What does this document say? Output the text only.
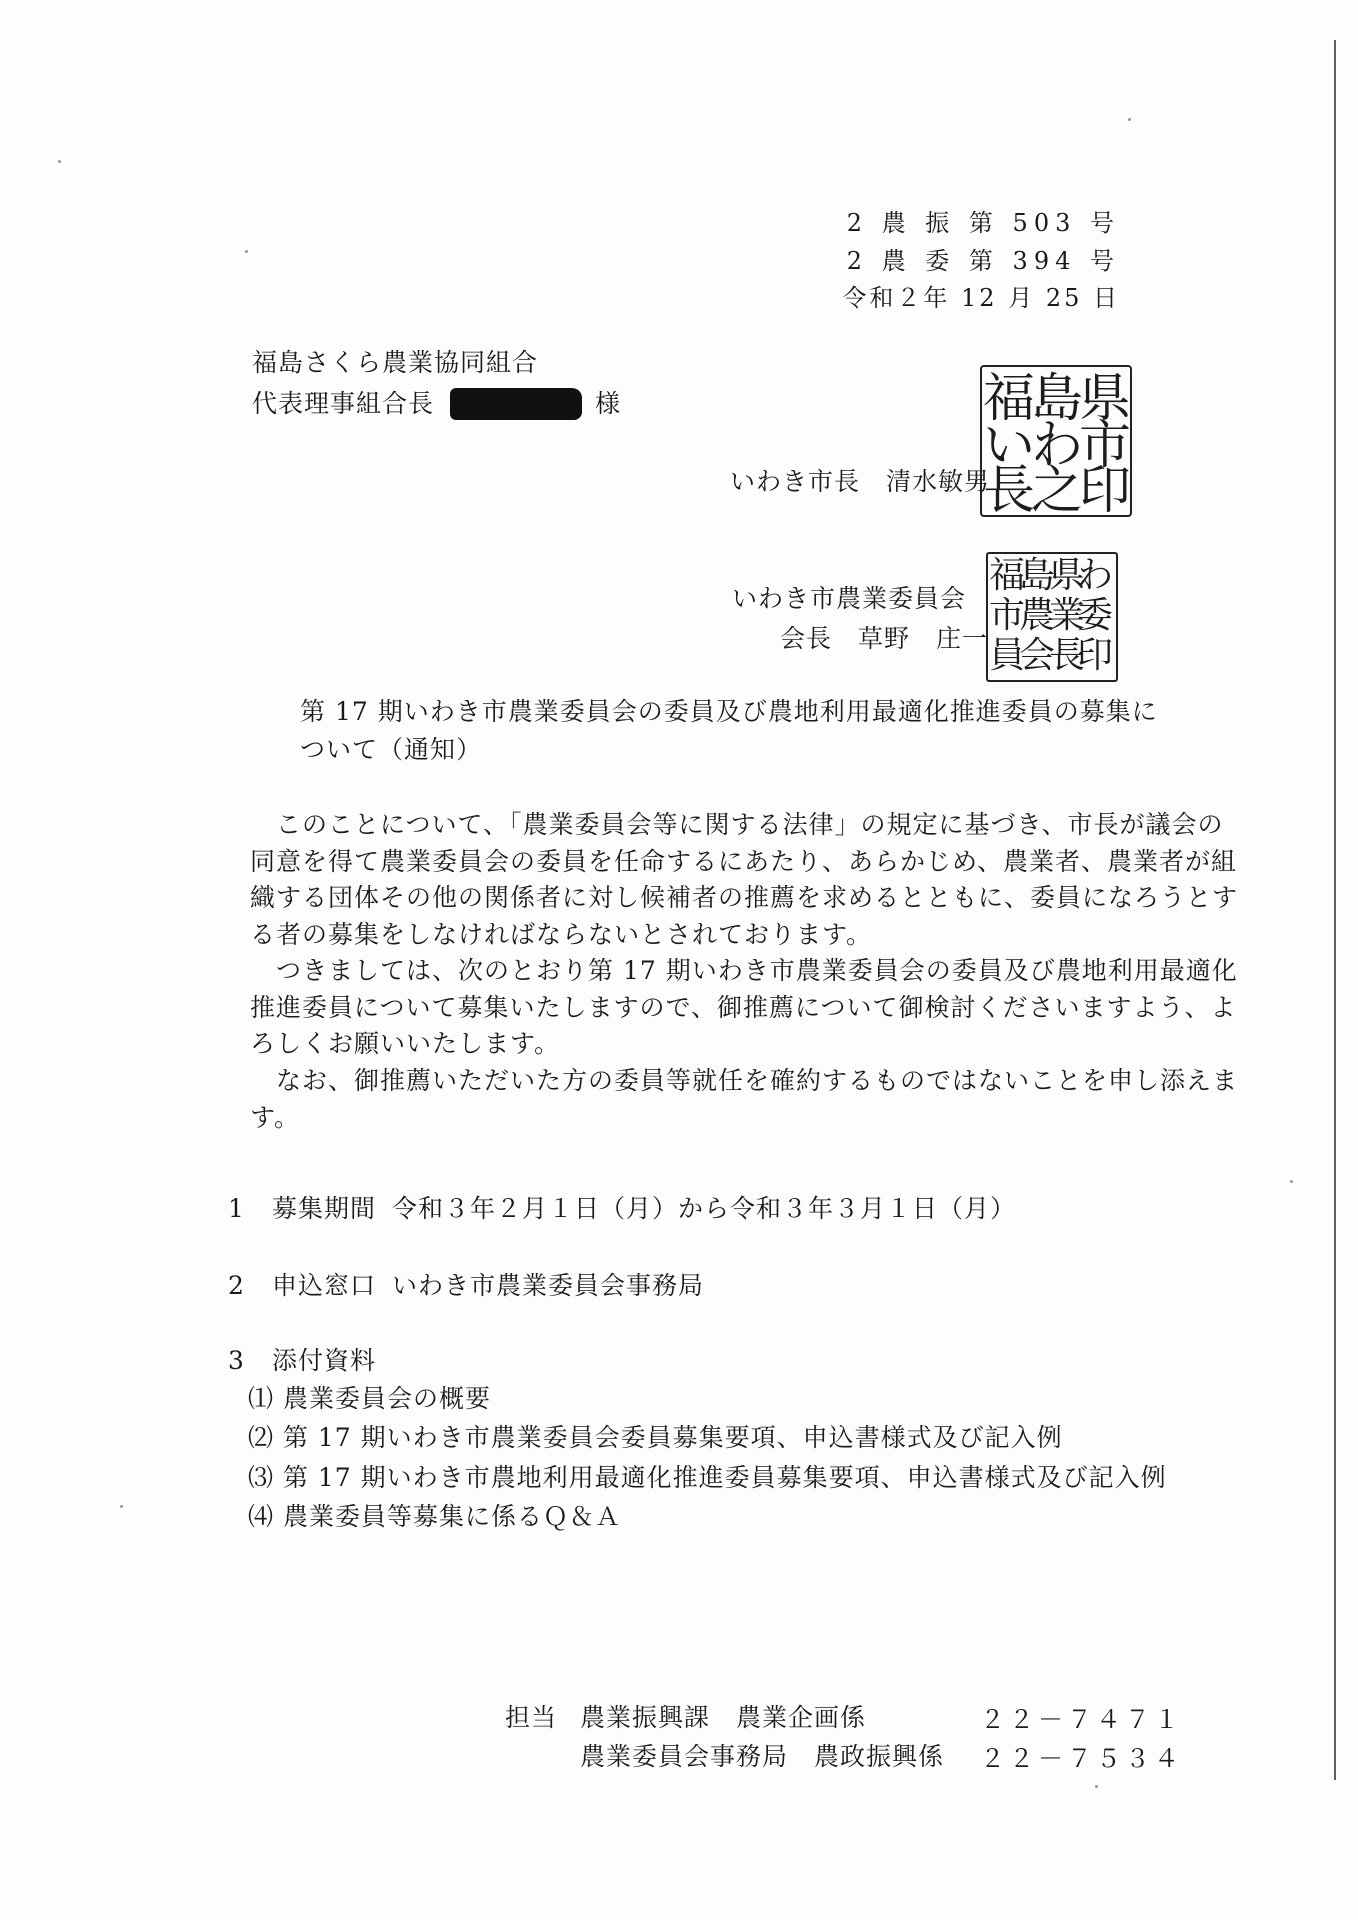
2 農 振 第 503 号
2 農 委 第 394 号
令和２年 12 月 25 日
福島さくら農業協同組合
代表理事組合長	様
いわき市長　清水敏男
県
市
印
島
わ
之
福
い
長
いわき市農業委員会
会長　草野　庄一
福
市
員
島
農
会
県
業
長
わ
委
印
第 17 期いわき市農業委員会の委員及び農地利用最適化推進委員の募集に
ついて（通知）
　このことについて、「農業委員会等に関する法律」の規定に基づき、市長が議会の
同意を得て農業委員会の委員を任命するにあたり、あらかじめ、農業者、農業者が組
織する団体その他の関係者に対し候補者の推薦を求めるとともに、委員になろうとす
る者の募集をしなければならないとされております。
　つきましては、次のとおり第 17 期いわき市農業委員会の委員及び農地利用最適化
推進委員について募集いたしますので、御推薦について御検討くださいますよう、よ
ろしくお願いいたします。
　なお、御推薦いただいた方の委員等就任を確約するものではないことを申し添えま
す。
1 募集期間 令和３年２月１日（月）から令和３年３月１日（月）
2 申込窓口 いわき市農業委員会事務局
3 添付資料
⑴ 農業委員会の概要
⑵ 第 17 期いわき市農業委員会委員募集要項、申込書様式及び記入例
⑶ 第 17 期いわき市農地利用最適化推進委員募集要項、申込書様式及び記入例
⑷ 農業委員等募集に係るＱ＆Ａ
担当 農業振興課　農業企画係	２２－７４７１
農業委員会事務局　農政振興係 ２２－７５３４
